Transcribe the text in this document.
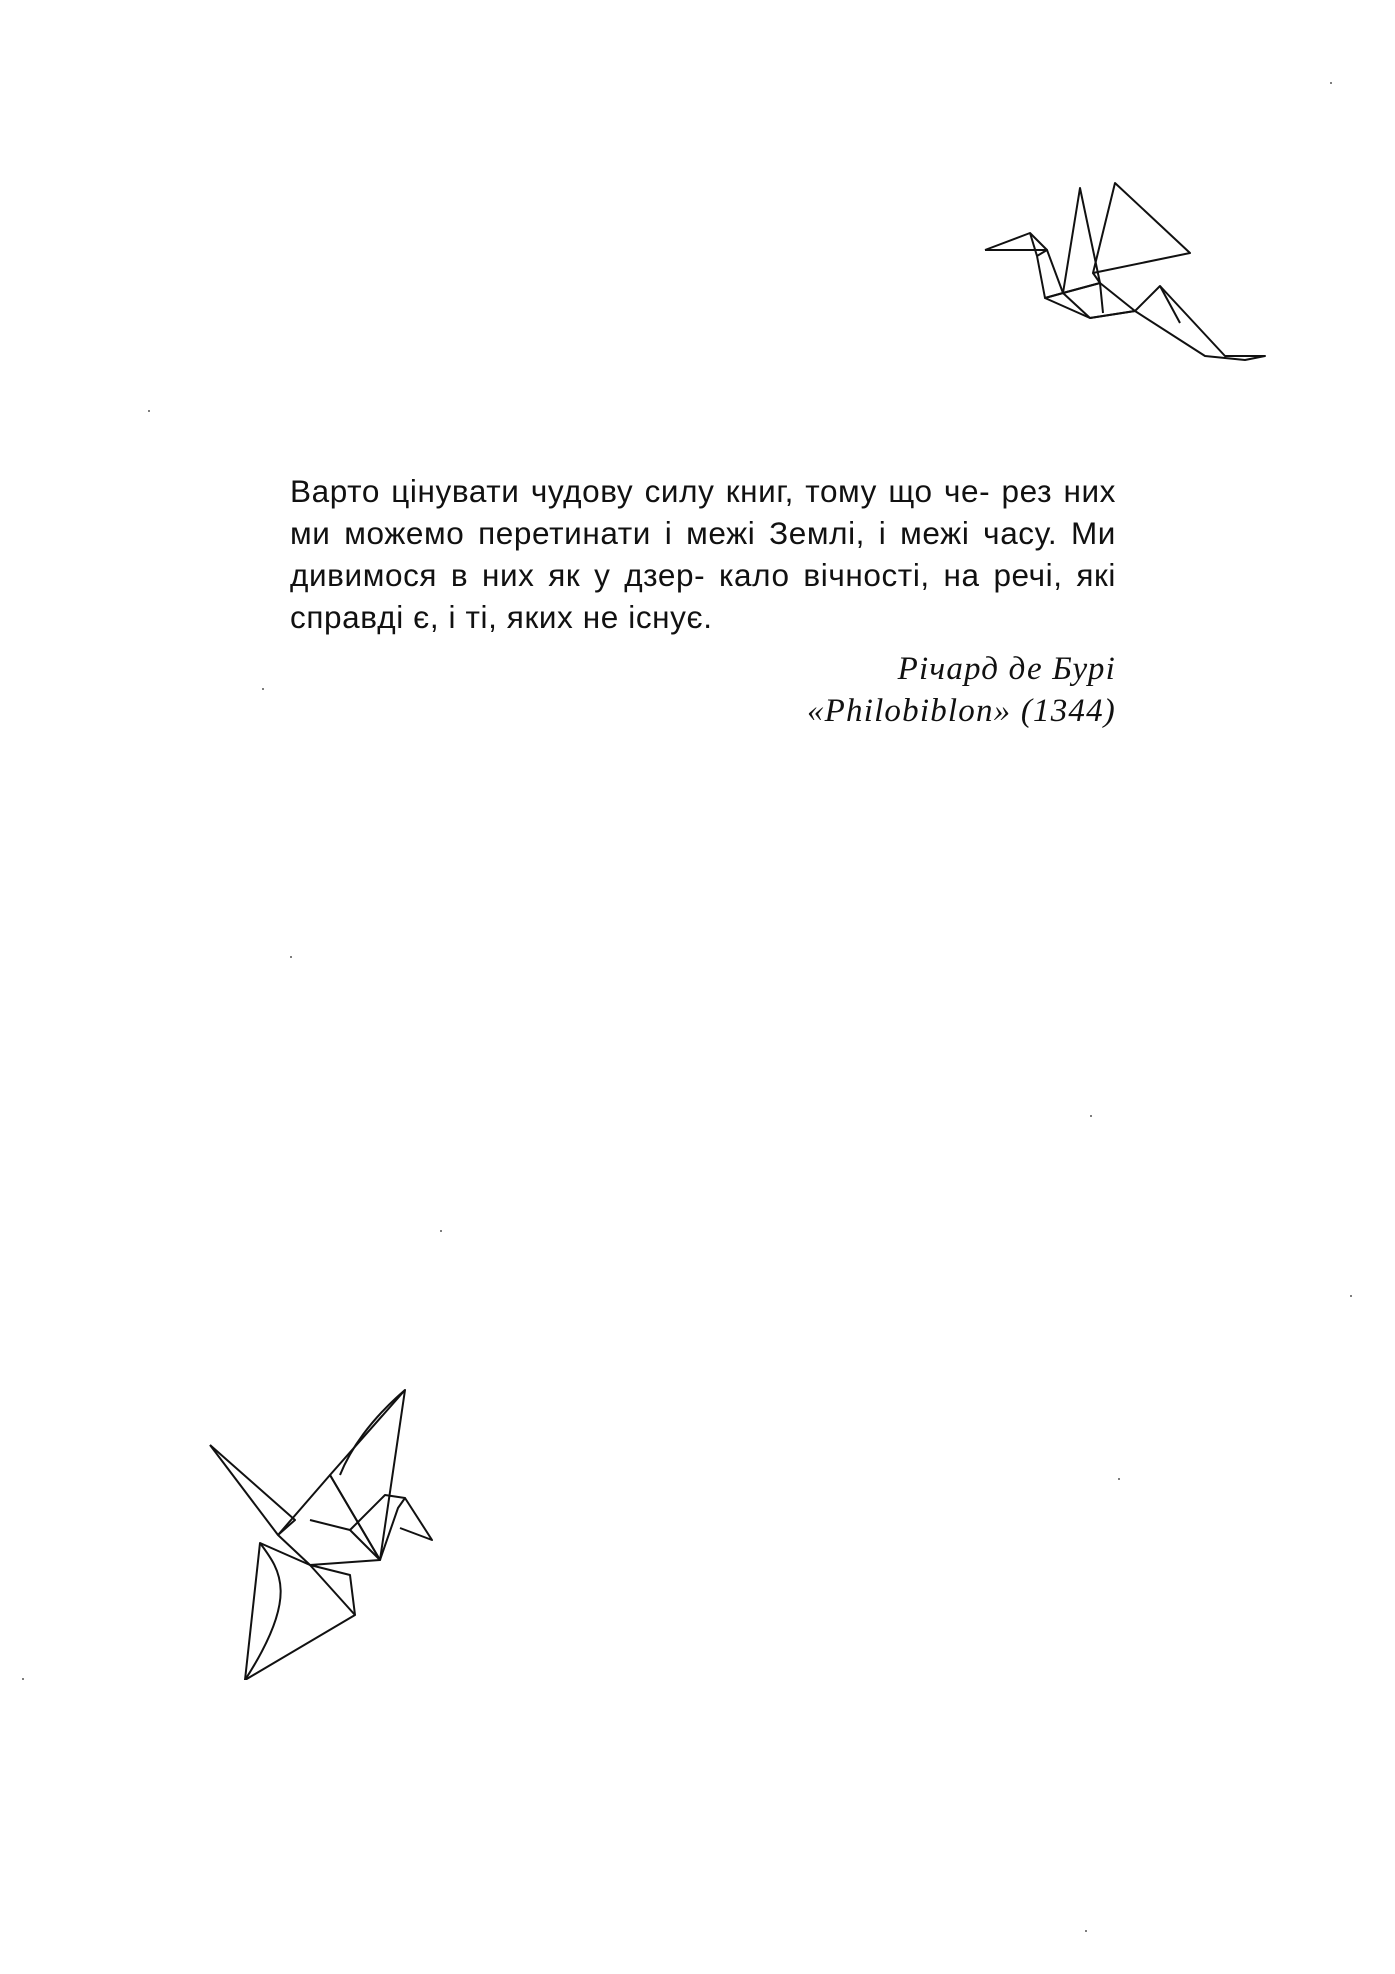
Варто цінувати чудову силу книг, тому що че- рез них ми можемо перетинати і межі Землі, і межі часу. Ми дивимося в них як у дзер- кало вічності, на речі, які справді є, і ті, яких не існує.

Річард де Бурі
«Philobiblon» (1344)
